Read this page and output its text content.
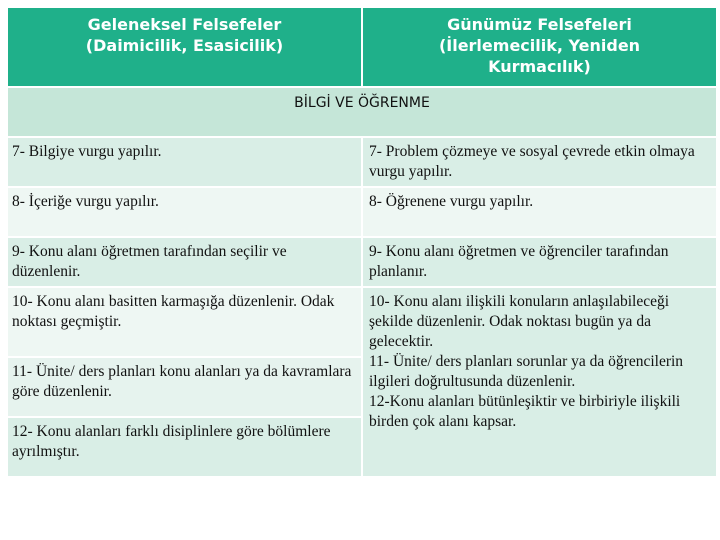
Geleneksel Felsefeler
(Daimicilik, Esasicilik)
Günümüz Felsefeleri
(İlerlemecilik, Yeniden
Kurmacılık)
BİLGİ VE ÖĞRENME
7- Bilgiye vurgu yapılır.	7- Problem çözmeye ve sosyal çevrede etkin olmaya vurgu yapılır.
8- İçeriğe vurgu yapılır.	8- Öğrenene vurgu yapılır.
9- Konu alanı öğretmen tarafından seçilir ve düzenlenir.
9- Konu alanı öğretmen ve öğrenciler tarafından planlanır.
10- Konu alanı basitten karmaşığa düzenlenir. Odak noktası geçmiştir.
11- Ünite/ ders planları konu alanları ya da kavramlara göre düzenlenir.
12- Konu alanları farklı disiplinlere göre bölümlere ayrılmıştır.
10- Konu alanı ilişkili konuların anlaşılabileceği şekilde düzenlenir. Odak noktası bugün ya da gelecektir.
11- Ünite/ ders planları sorunlar ya da öğrencilerin ilgileri doğrultusunda düzenlenir.
12-Konu alanları bütünleşiktir ve birbiriyle ilişkili birden çok alanı kapsar.
